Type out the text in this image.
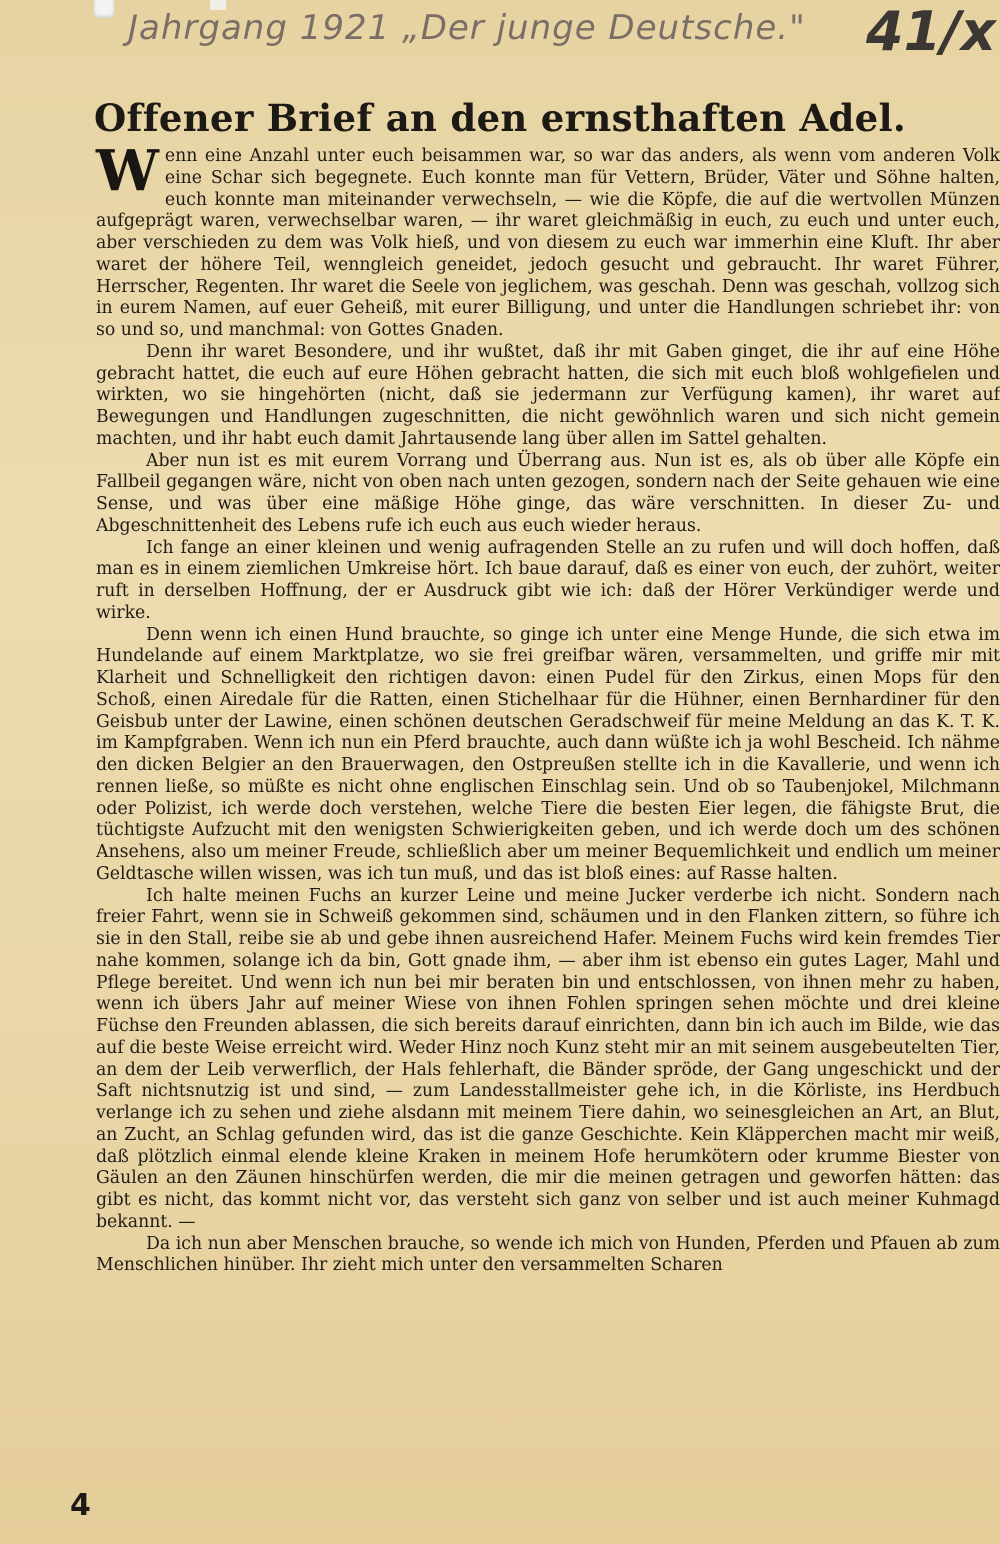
Jahrgang 1921 „Der junge Deutsche." 41/x
Offener Brief an den ernsthaften Adel.

Wenn eine Anzahl unter euch beisammen war, so war das anders, als wenn vom anderen Volk eine Schar sich begegnete. Euch konnte man für Vettern, Brüder, Väter und Söhne halten, euch konnte man miteinander verwechseln, — wie die Köpfe, die auf die wertvollen Münzen aufgeprägt waren, verwechselbar waren, — ihr waret gleichmäßig in euch, zu euch und unter euch, aber verschieden zu dem was Volk hieß, und von diesem zu euch war immerhin eine Kluft. Ihr aber waret der höhere Teil, wenngleich geneidet, jedoch gesucht und gebraucht. Ihr waret Führer, Herrscher, Regenten. Ihr waret die Seele von jeglichem, was geschah. Denn was geschah, vollzog sich in eurem Namen, auf euer Geheiß, mit eurer Billigung, und unter die Handlungen schriebet ihr: von so und so, und manchmal: von Gottes Gnaden.

Denn ihr waret Besondere, und ihr wußtet, daß ihr mit Gaben ginget, die ihr auf eine Höhe gebracht hattet, die euch auf eure Höhen gebracht hatten, die sich mit euch bloß wohlgefielen und wirkten, wo sie hingehörten (nicht, daß sie jedermann zur Verfügung kamen), ihr waret auf Bewegungen und Handlungen zugeschnitten, die nicht gewöhnlich waren und sich nicht gemein machten, und ihr habt euch damit Jahrtausende lang über allen im Sattel gehalten.

Aber nun ist es mit eurem Vorrang und Überrang aus. Nun ist es, als ob über alle Köpfe ein Fallbeil gegangen wäre, nicht von oben nach unten gezogen, sondern nach der Seite gehauen wie eine Sense, und was über eine mäßige Höhe ginge, das wäre verschnitten. In dieser Zu- und Abgeschnittenheit des Lebens rufe ich euch aus euch wieder heraus.

Ich fange an einer kleinen und wenig aufragenden Stelle an zu rufen und will doch hoffen, daß man es in einem ziemlichen Umkreise hört. Ich baue darauf, daß es einer von euch, der zuhört, weiter ruft in derselben Hoffnung, der er Ausdruck gibt wie ich: daß der Hörer Verkündiger werde und wirke.

Denn wenn ich einen Hund brauchte, so ginge ich unter eine Menge Hunde, die sich etwa im Hundelande auf einem Marktplatze, wo sie frei greifbar wären, versammelten, und griffe mir mit Klarheit und Schnelligkeit den richtigen davon: einen Pudel für den Zirkus, einen Mops für den Schoß, einen Airedale für die Ratten, einen Stichelhaar für die Hühner, einen Bernhardiner für den Geisbub unter der Lawine, einen schönen deutschen Geradschweif für meine Meldung an das K. T. K. im Kampfgraben. Wenn ich nun ein Pferd brauchte, auch dann wüßte ich ja wohl Bescheid. Ich nähme den dicken Belgier an den Brauerwagen, den Ostpreußen stellte ich in die Kavallerie, und wenn ich rennen ließe, so müßte es nicht ohne englischen Einschlag sein. Und ob so Taubenjokel, Milchmann oder Polizist, ich werde doch verstehen, welche Tiere die besten Eier legen, die fähigste Brut, die tüchtigste Aufzucht mit den wenigsten Schwierigkeiten geben, und ich werde doch um des schönen Ansehens, also um meiner Freude, schließlich aber um meiner Bequemlichkeit und endlich um meiner Geldtasche willen wissen, was ich tun muß, und das ist bloß eines: auf Rasse halten.

Ich halte meinen Fuchs an kurzer Leine und meine Jucker verderbe ich nicht. Sondern nach freier Fahrt, wenn sie in Schweiß gekommen sind, schäumen und in den Flanken zittern, so führe ich sie in den Stall, reibe sie ab und gebe ihnen ausreichend Hafer. Meinem Fuchs wird kein fremdes Tier nahe kommen, solange ich da bin, Gott gnade ihm, — aber ihm ist ebenso ein gutes Lager, Mahl und Pflege bereitet. Und wenn ich nun bei mir beraten bin und entschlossen, von ihnen mehr zu haben, wenn ich übers Jahr auf meiner Wiese von ihnen Fohlen springen sehen möchte und drei kleine Füchse den Freunden ablassen, die sich bereits darauf einrichten, dann bin ich auch im Bilde, wie das auf die beste Weise erreicht wird. Weder Hinz noch Kunz steht mir an mit seinem ausgebeutelten Tier, an dem der Leib verwerflich, der Hals fehlerhaft, die Bänder spröde, der Gang ungeschickt und der Saft nichtsnutzig ist und sind, — zum Landesstallmeister gehe ich, in die Körliste, ins Herdbuch verlange ich zu sehen und ziehe alsdann mit meinem Tiere dahin, wo seinesgleichen an Art, an Blut, an Zucht, an Schlag gefunden wird, das ist die ganze Geschichte. Kein Kläpperchen macht mir weiß, daß plötzlich einmal elende kleine Kraken in meinem Hofe herumkötern oder krumme Biester von Gäulen an den Zäunen hinschürfen werden, die mir die meinen getragen und geworfen hätten: das gibt es nicht, das kommt nicht vor, das versteht sich ganz von selber und ist auch meiner Kuhmagd bekannt. —

Da ich nun aber Menschen brauche, so wende ich mich von Hunden, Pferden und Pfauen ab zum Menschlichen hinüber. Ihr zieht mich unter den versammelten Scharen

4
